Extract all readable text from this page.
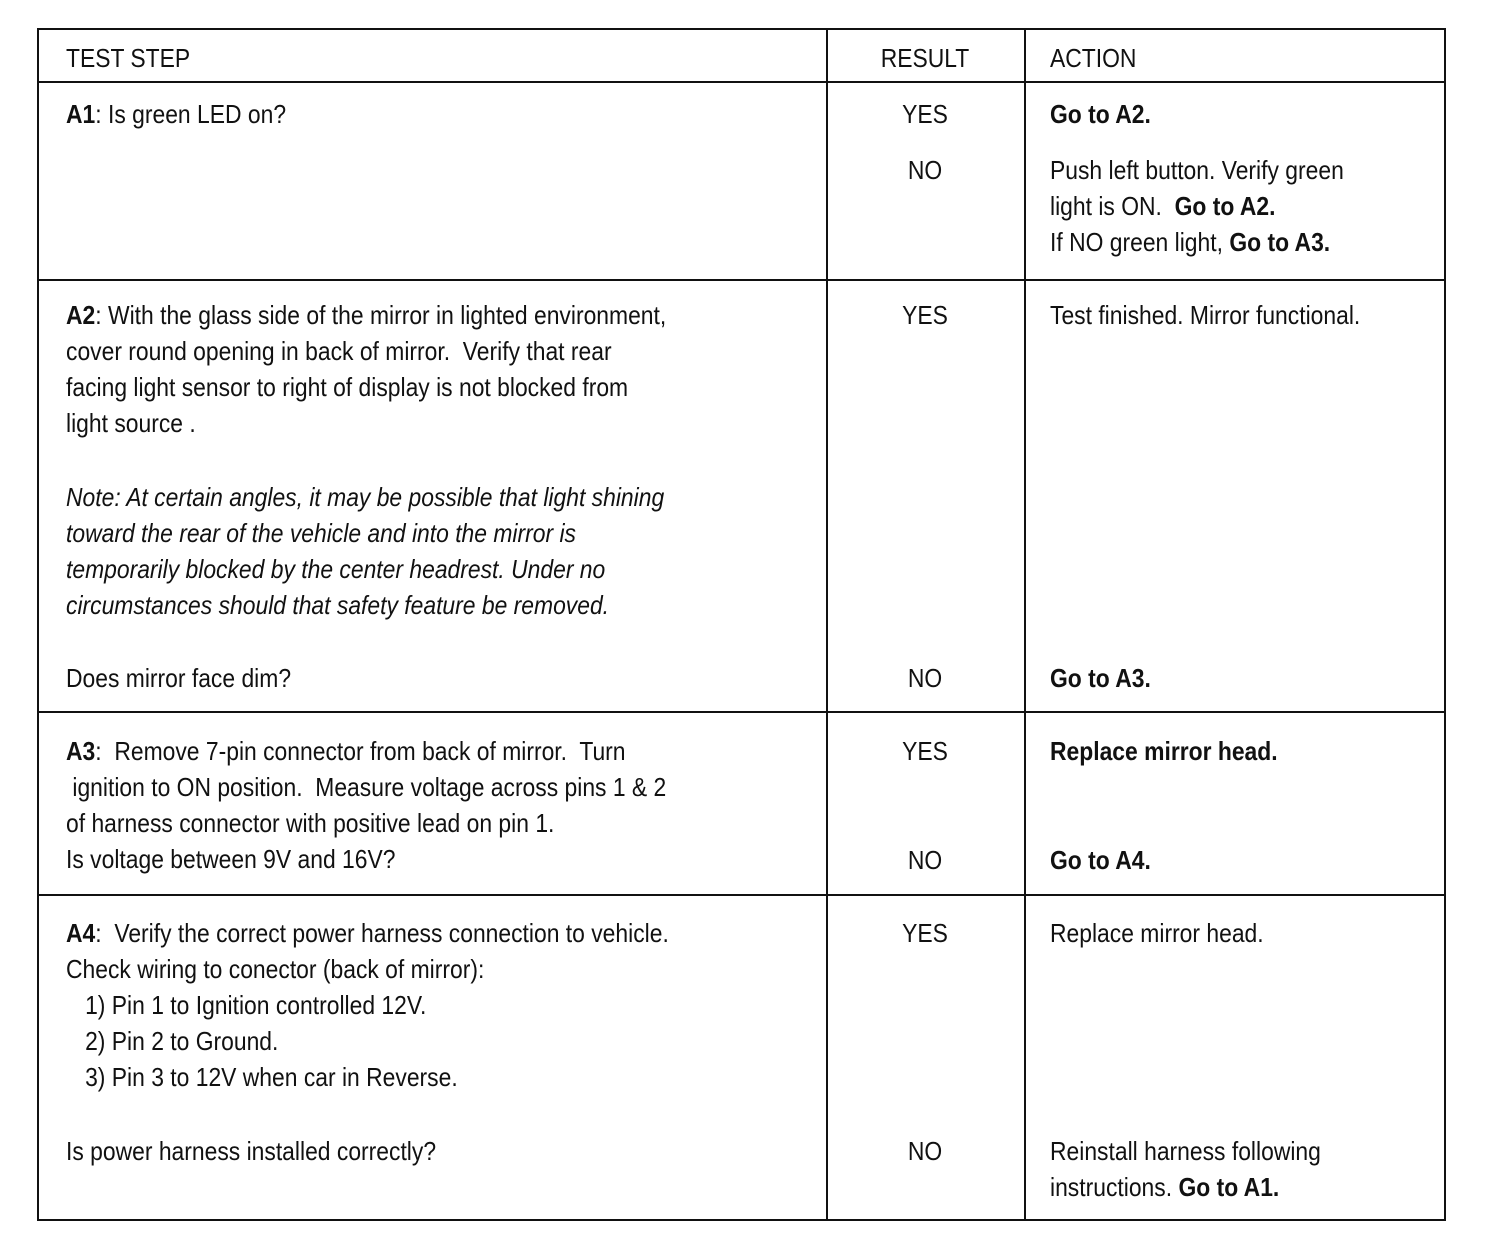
TEST STEP	RESULT	ACTION
A1: Is green LED on?	YES	Go to A2.
NO	Push left button. Verify green
light is ON.  Go to A2.
If NO green light, Go to A3.
A2: With the glass side of the mirror in lighted environment,
cover round opening in back of mirror.  Verify that rear
facing light sensor to right of display is not blocked from
light source .
Note: At certain angles, it may be possible that light shining
toward the rear of the vehicle and into the mirror is
temporarily blocked by the center headrest. Under no
circumstances should that safety feature be removed.
Does mirror face dim?
YES	Test finished. Mirror functional.
NO	Go to A3.
A3:  Remove 7-pin connector from back of mirror.  Turn
ignition to ON position.  Measure voltage across pins 1 & 2
of harness connector with positive lead on pin 1.
Is voltage between 9V and 16V?
YES	Replace mirror head.
NO	Go to A4.
A4:  Verify the correct power harness connection to vehicle.
Check wiring to conector (back of mirror):
1) Pin 1 to Ignition controlled 12V.
2) Pin 2 to Ground.
3) Pin 3 to 12V when car in Reverse.
Is power harness installed correctly?
YES	Replace mirror head.
NO	Reinstall harness following
instructions. Go to A1.
